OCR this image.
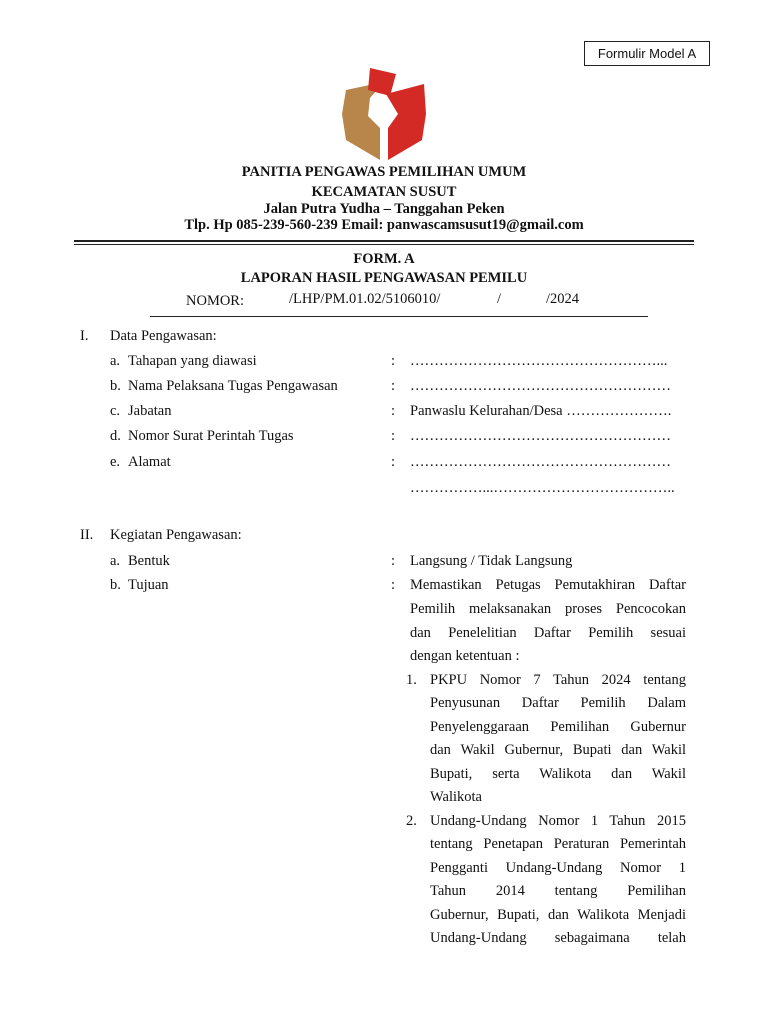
Formulir Model A
PANITIA PENGAWAS PEMILIHAN UMUM
KECAMATAN SUSUT
Jalan Putra Yudha – Tanggahan Peken
Tlp. Hp 085-239-560-239 Email: panwascamsusut19@gmail.com
FORM. A
LAPORAN HASIL PENGAWASAN PEMILU
NOMOR:	/LHP/PM.01.02/5106010/	/	/2024
I. Data Pengawasan:
a. Tahapan yang diawasi	: ……………………………………………...
b. Nama Pelaksana Tugas Pengawasan	: ………………………………………………
c. Jabatan	: Panwaslu Kelurahan/Desa ………………….
d. Nomor Surat Perintah Tugas	: ………………………………………………
e. Alamat	: ………………………………………………
……………...………………………………..
II. Kegiatan Pengawasan:
a. Bentuk	: Langsung / Tidak Langsung
b. Tujuan	: Memastikan Petugas Pemutakhiran Daftar
Pemilih melaksanakan proses Pencocokan
dan Penelelitian Daftar Pemilih sesuai
dengan ketentuan :
1. PKPU Nomor 7 Tahun 2024 tentang
Penyusunan Daftar Pemilih Dalam
Penyelenggaraan Pemilihan Gubernur
dan Wakil Gubernur, Bupati dan Wakil
Bupati, serta Walikota dan Wakil
Walikota
2. Undang-Undang Nomor 1 Tahun 2015
tentang Penetapan Peraturan Pemerintah
Pengganti Undang-Undang Nomor 1
Tahun 2014 tentang Pemilihan
Gubernur, Bupati, dan Walikota Menjadi
Undang-Undang sebagaimana telah
